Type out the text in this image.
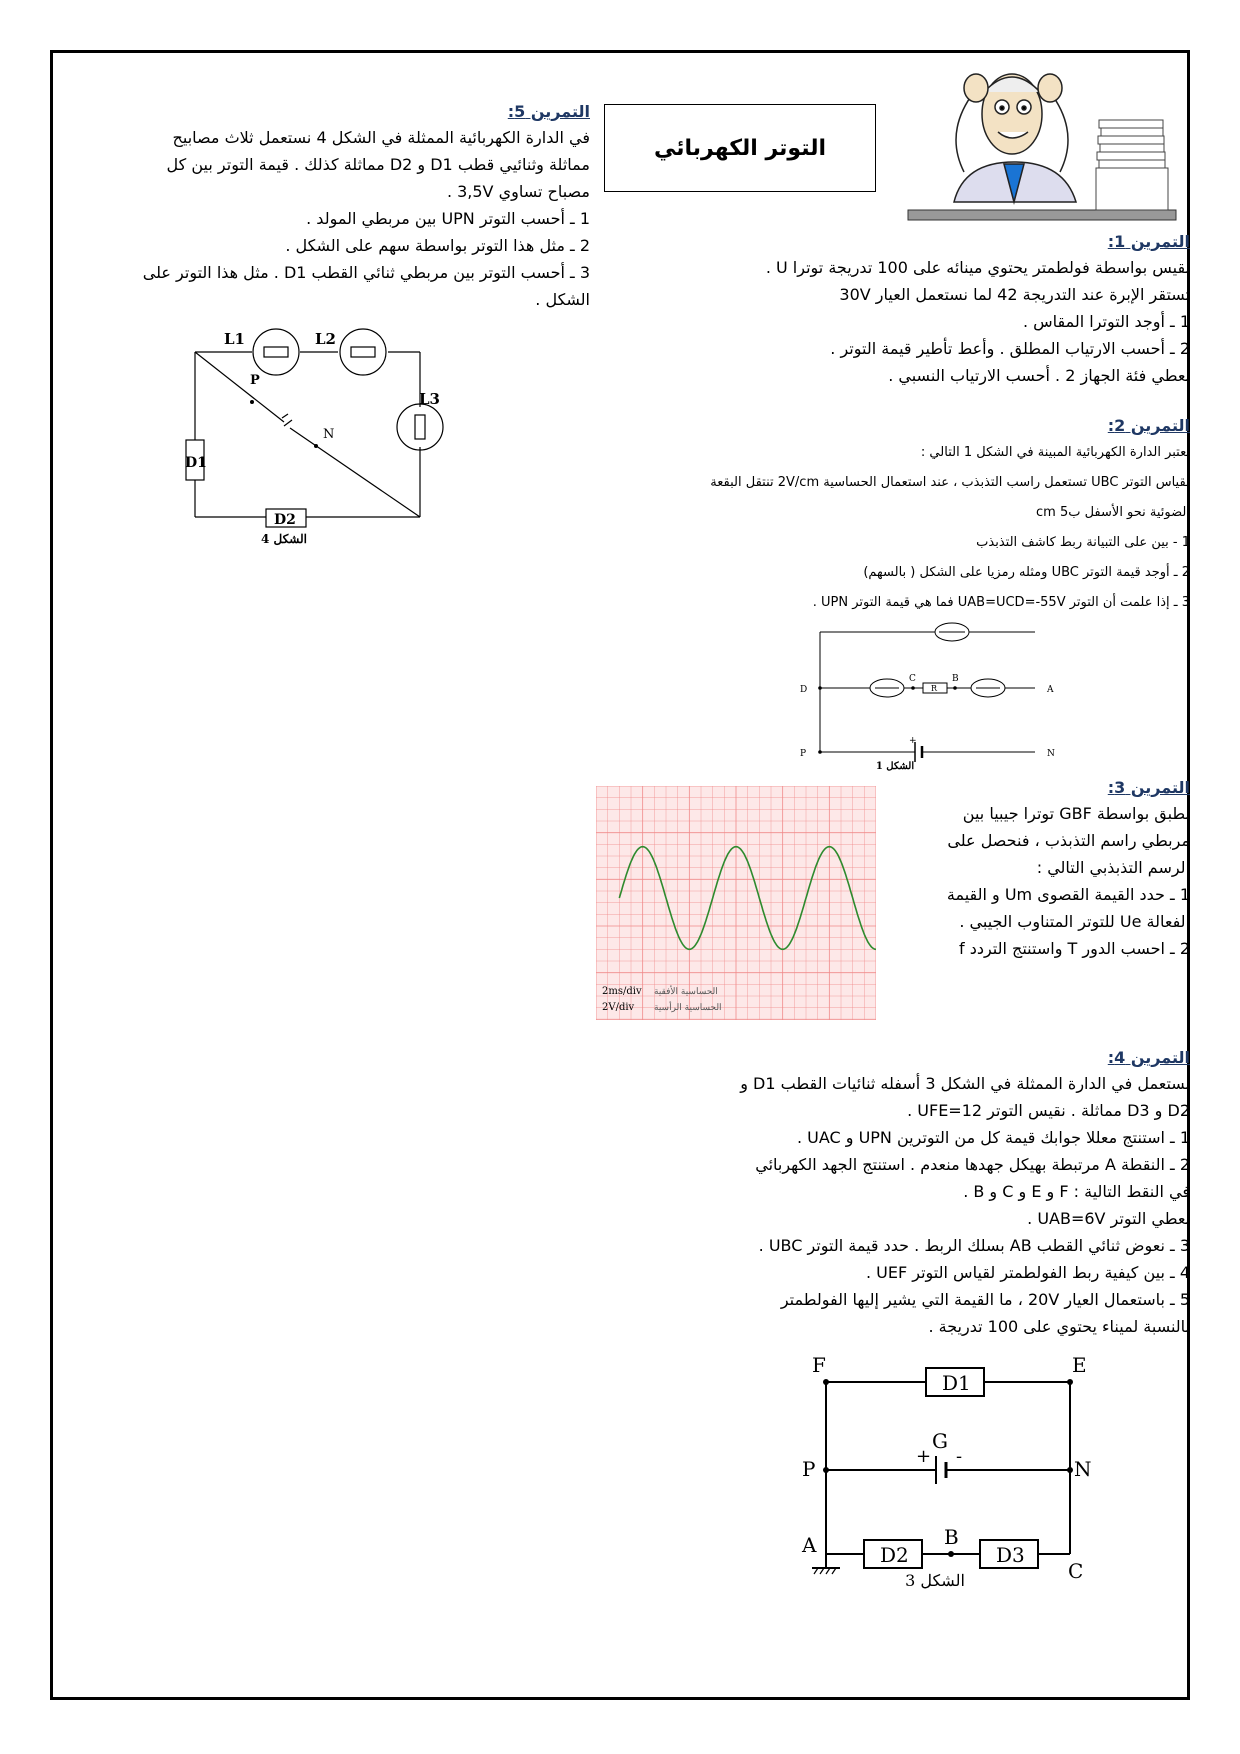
التوتر الكهربائي
التمرين 5:
في الدارة الكهربائية الممثلة في الشكل 4 نستعمل ثلاث مصابيح
مماثلة وثنائيي قطب D1 و D2 مماثلة كذلك . قيمة التوتر بين كل
مصباح تساوي 3,5V .
1 ـ أحسب التوتر UPN بين مربطي المولد .
2 ـ مثل هذا التوتر بواسطة سهم على الشكل .
3 ـ أحسب التوتر بين مربطي ثنائي القطب D1 . مثل هذا التوتر على
الشكل .
L1	L2
L3
P
N
D1
D2
الشكل 4
التمرين 1:
نقيس بواسطة فولطمتر يحتوي مينائه على 100 تدريجة توترا U .
تستقر الإبرة عند التدريجة 42 لما نستعمل العيار 30V
1 ـ أوجد التوترا المقاس .
2 ـ أحسب الارتياب المطلق . وأعط تأطير قيمة التوتر .
نعطي فئة الجهاز 2 . أحسب الارتياب النسبي .
التمرين 2:
نعتبر الدارة الكهربائية المبينة في الشكل 1 التالي :
لقياس التوتر UBC تستعمل راسب التذبذب ، عند استعمال الحساسية 2V/cm تنتقل البقعة
الضوئية نحو الأسفل ب5 cm
1 - بين على التبيانة ربط كاشف التذبذب
2 ـ أوجد قيمة التوتر UBC ومثله رمزيا على الشكل ( بالسهم)
3 ـ إذا علمت أن التوتر UAB=UCD=-55V فما هي قيمة التوتر UPN .
D
C	B
A
R
P	N
+
الشكل 1
التمرين 3:
نطبق بواسطة GBF توترا جيبيا بين
مربطي راسم التذبذب ، فنحصل على
الرسم التذبذبي التالي :
1 ـ حدد القيمة القصوى Um و القيمة
الفعالة Ue للتوتر المتناوب الجيبي .
2 ـ احسب الدور T واستنتج التردد f
2ms/div الحساسية الأفقية
2V/div الحساسية الرأسية
التمرين 4:
نستعمل في الدارة الممثلة في الشكل 3 أسفله ثنائيات القطب D1 و
D2 و D3 مماثلة . نقيس التوتر UFE=12 .
1 ـ استنتج معللا جوابك قيمة كل من التوترين UPN و UAC .
2 ـ النقطة A مرتبطة بهيكل جهدها منعدم . استنتج الجهد الكهربائي
في النقط التالية : F و E و C و B .
نعطي التوتر UAB=6V .
3 ـ نعوض ثنائي القطب AB بسلك الربط . حدد قيمة التوتر UBC .
4 ـ بين كيفية ربط الفولطمتر لقياس التوتر UEF .
5 ـ باستعمال العيار 20V ، ما القيمة التي يشير إليها الفولطمتر
بالنسبة لميناء يحتوي على 100 تدريجة .
F	E
D1
G
+ -
P	N
A	B
D2	D3
C
الشكل 3
